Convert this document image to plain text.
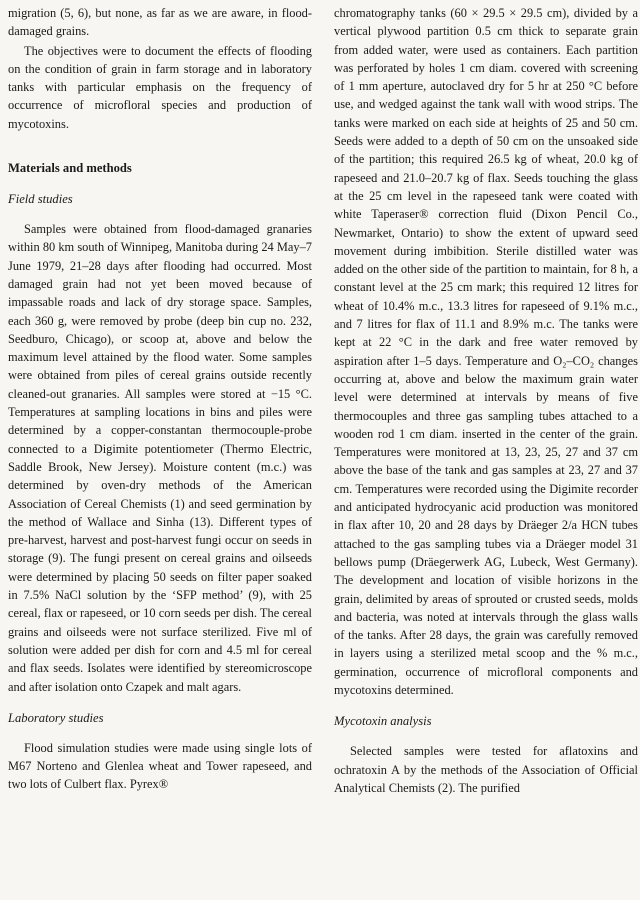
migration (5, 6), but none, as far as we are aware, in flood-damaged grains.

The objectives were to document the effects of flooding on the condition of grain in farm storage and in laboratory tanks with particular emphasis on the frequency of occurrence of microfloral species and production of mycotoxins.

Materials and methods
Field studies

Samples were obtained from flood-damaged granaries within 80 km south of Winnipeg, Manitoba during 24 May–7 June 1979, 21–28 days after flooding had occurred. Most damaged grain had not yet been moved because of impassable roads and lack of dry storage space. Samples, each 360 g, were removed by probe (deep bin cup no. 232, Seedburo, Chicago), or scoop at, above and below the maximum level attained by the flood water. Some samples were obtained from piles of cereal grains outside recently cleaned-out granaries. All samples were stored at −15 °C. Temperatures at sampling locations in bins and piles were determined by a copper-constantan thermocouple-probe connected to a Digimite potentiometer (Thermo Electric, Saddle Brook, New Jersey). Moisture content (m.c.) was determined by oven-dry methods of the American Association of Cereal Chemists (1) and seed germination by the method of Wallace and Sinha (13). Different types of pre-harvest, harvest and post-harvest fungi occur on seeds in storage (9). The fungi present on cereal grains and oilseeds were determined by placing 50 seeds on filter paper soaked in 7.5% NaCl solution by the ‘SFP method’ (9), with 25 cereal, flax or rapeseed, or 10 corn seeds per dish. The cereal grains and oilseeds were not surface sterilized. Five ml of solution were added per dish for corn and 4.5 ml for cereal and flax seeds. Isolates were identified by stereomicroscope and after isolation onto Czapek and malt agars.

Laboratory studies

Flood simulation studies were made using single lots of M67 Norteno and Glenlea wheat and Tower rapeseed, and two lots of Culbert flax. Pyrex®

chromatography tanks (60 × 29.5 × 29.5 cm), divided by a vertical plywood partition 0.5 cm thick to separate grain from added water, were used as containers. Each partition was perforated by holes 1 cm diam. covered with screening of 1 mm aperture, autoclaved dry for 5 hr at 250 °C before use, and wedged against the tank wall with wood strips. The tanks were marked on each side at heights of 25 and 50 cm. Seeds were added to a depth of 50 cm on the unsoaked side of the partition; this required 26.5 kg of wheat, 20.0 kg of rapeseed and 21.0–20.7 kg of flax. Seeds touching the glass at the 25 cm level in the rapeseed tank were coated with white Taperaser® correction fluid (Dixon Pencil Co., Newmarket, Ontario) to show the extent of upward seed movement during imbibition. Sterile distilled water was added on the other side of the partition to maintain, for 8 h, a constant level at the 25 cm mark; this required 12 litres for wheat of 10.4% m.c., 13.3 litres for rapeseed of 9.1% m.c., and 7 litres for flax of 11.1 and 8.9% m.c. The tanks were kept at 22 °C in the dark and free water removed by aspiration after 1–5 days. Temperature and O₂–CO₂ changes occurring at, above and below the maximum grain water level were determined at intervals by means of five thermocouples and three gas sampling tubes attached to a wooden rod 1 cm diam. inserted in the center of the grain. Temperatures were monitored at 13, 23, 25, 27 and 37 cm above the base of the tank and gas samples at 23, 27 and 37 cm. Temperatures were recorded using the Digimite recorder and anticipated hydrocyanic acid production was monitored in flax after 10, 20 and 28 days by Dräeger 2/a HCN tubes attached to the gas sampling tubes via a Dräeger model 31 bellows pump (Dräegerwerk AG, Lubeck, West Germany). The development and location of visible horizons in the grain, delimited by areas of sprouted or crusted seeds, molds and bacteria, was noted at intervals through the glass walls of the tanks. After 28 days, the grain was carefully removed in layers using a sterilized metal scoop and the % m.c., germination, occurrence of microfloral components and mycotoxins determined.

Mycotoxin analysis

Selected samples were tested for aflatoxins and ochratoxin A by the methods of the Association of Official Analytical Chemists (2). The purified
